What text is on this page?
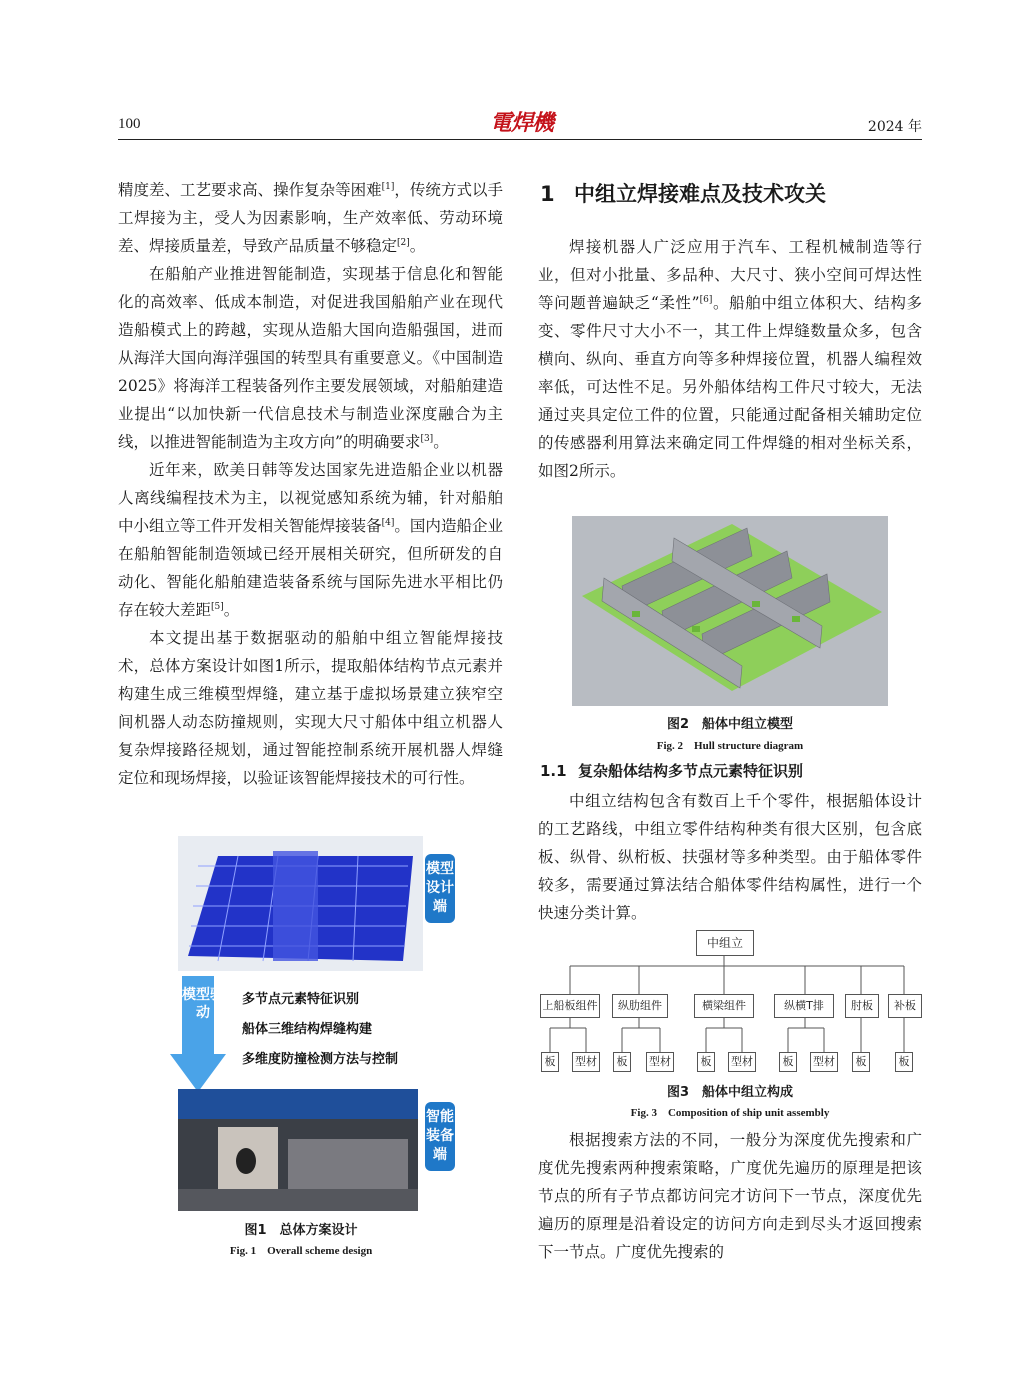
100	電焊機	2024 年

精度差、工艺要求高、操作复杂等困难[1]，传统方式以手工焊接为主，受人为因素影响，生产效率低、劳动环境差、焊接质量差，导致产品质量不够稳定[2]。

在船舶产业推进智能制造，实现基于信息化和智能化的高效率、低成本制造，对促进我国船舶产业在现代造船模式上的跨越，实现从造船大国向造船强国，进而从海洋大国向海洋强国的转型具有重要意义。《中国制造2025》将海洋工程装备列作主要发展领域，对船舶建造业提出“以加快新一代信息技术与制造业深度融合为主线，以推进智能制造为主攻方向”的明确要求[3]。

近年来，欧美日韩等发达国家先进造船企业以机器人离线编程技术为主，以视觉感知系统为辅，针对船舶中小组立等工件开发相关智能焊接装备[4]。国内造船企业在船舶智能制造领域已经开展相关研究，但所研发的自动化、智能化船舶建造装备系统与国际先进水平相比仍存在较大差距[5]。

本文提出基于数据驱动的船舶中组立智能焊接技术，总体方案设计如图1所示，提取船体结构节点元素并构建生成三维模型焊缝，建立基于虚拟场景建立狭窄空间机器人动态防撞规则，实现大尺寸船体中组立机器人复杂焊接路径规划，通过智能控制系统开展机器人焊缝定位和现场焊接，以验证该智能焊接技术的可行性。

模型设计端
模型驱动
多节点元素特征识别
船体三维结构焊缝构建
多维度防撞检测方法与控制
智能装备端
图1　总体方案设计
Fig. 1　Overall scheme design
1 中组立焊接难点及技术攻关

焊接机器人广泛应用于汽车、工程机械制造等行业，但对小批量、多品种、大尺寸、狭小空间可焊达性等问题普遍缺乏“柔性”[6]。船舶中组立体积大、结构多变、零件尺寸大小不一，其工件上焊缝数量众多，包含横向、纵向、垂直方向等多种焊接位置，机器人编程效率低，可达性不足。另外船体结构工件尺寸较大，无法通过夹具定位工件的位置，只能通过配备相关辅助定位的传感器利用算法来确定同工件焊缝的相对坐标关系，如图2所示。

图2　船体中组立模型
Fig. 2　Hull structure diagram
1.1 复杂船体结构多节点元素特征识别

中组立结构包含有数百上千个零件，根据船体设计的工艺路线，中组立零件结构种类有很大区别，包含底板、纵骨、纵桁板、扶强材等多种类型。由于船体零件较多，需要通过算法结合船体零件结构属性，进行一个快速分类计算。

中组立
上船板组件	纵肋组件	横梁组件	纵横T排	肘板	补板
板	型材	板	型材	板	型材	板	型材	板	板
图3　船体中组立构成
Fig. 3　Composition of ship unit assembly

根据搜索方法的不同，一般分为深度优先搜索和广度优先搜索两种搜索策略，广度优先遍历的原理是把该节点的所有子节点都访问完才访问下一节点，深度优先遍历的原理是沿着设定的访问方向走到尽头才返回搜索下一节点。广度优先搜索的
